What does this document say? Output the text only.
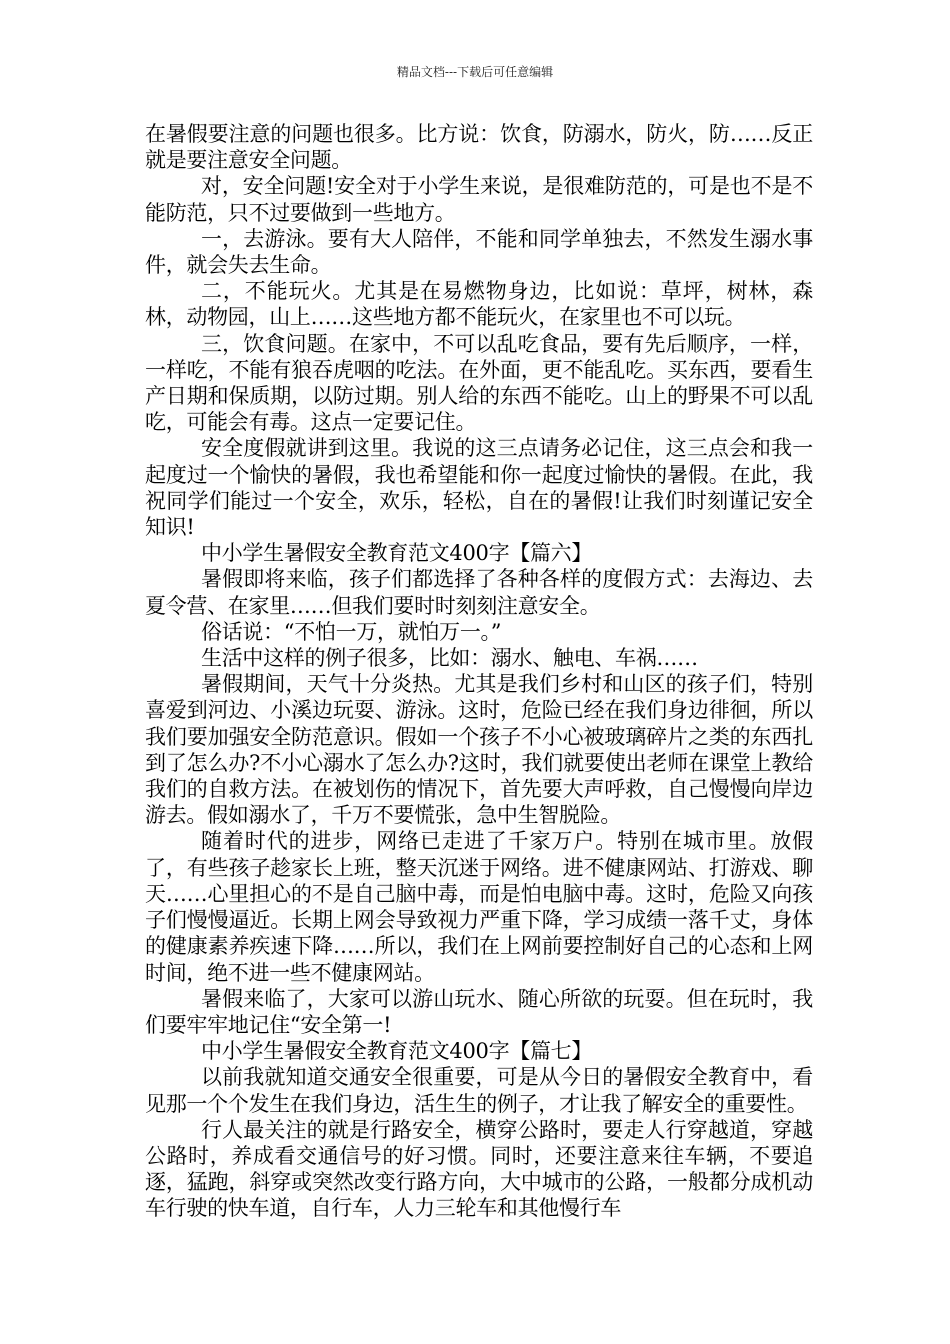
精品文档---下载后可任意编辑

在暑假要注意的问题也很多。比方说：饮食，防溺水，防火，防……反正就是要注意安全问题。

对，安全问题!安全对于小学生来说，是很难防范的，可是也不是不能防范，只不过要做到一些地方。

一，去游泳。要有大人陪伴，不能和同学单独去，不然发生溺水事件，就会失去生命。

二，不能玩火。尤其是在易燃物身边，比如说：草坪，树林，森林，动物园，山上……这些地方都不能玩火，在家里也不可以玩。

三，饮食问题。在家中，不可以乱吃食品，要有先后顺序，一样，一样吃，不能有狼吞虎咽的吃法。在外面，更不能乱吃。买东西，要看生产日期和保质期，以防过期。别人给的东西不能吃。山上的野果不可以乱吃，可能会有毒。这点一定要记住。

安全度假就讲到这里。我说的这三点请务必记住，这三点会和我一起度过一个愉快的暑假，我也希望能和你一起度过愉快的暑假。在此，我祝同学们能过一个安全，欢乐，轻松，自在的暑假!让我们时刻谨记安全知识!

中小学生暑假安全教育范文400字【篇六】

暑假即将来临，孩子们都选择了各种各样的度假方式：去海边、去夏令营、在家里……但我们要时时刻刻注意安全。

俗话说：“不怕一万，就怕万一。”

生活中这样的例子很多，比如：溺水、触电、车祸……

暑假期间，天气十分炎热。尤其是我们乡村和山区的孩子们，特别喜爱到河边、小溪边玩耍、游泳。这时，危险已经在我们身边徘徊，所以我们要加强安全防范意识。假如一个孩子不小心被玻璃碎片之类的东西扎到了怎么办?不小心溺水了怎么办?这时，我们就要使出老师在课堂上教给我们的自救方法。在被划伤的情况下，首先要大声呼救，自己慢慢向岸边游去。假如溺水了，千万不要慌张，急中生智脱险。

随着时代的进步，网络已走进了千家万户。特别在城市里。放假了，有些孩子趁家长上班，整天沉迷于网络。进不健康网站、打游戏、聊天……心里担心的不是自己脑中毒，而是怕电脑中毒。这时，危险又向孩子们慢慢逼近。长期上网会导致视力严重下降，学习成绩一落千丈，身体的健康素养疾速下降……所以，我们在上网前要控制好自己的心态和上网时间，绝不进一些不健康网站。

暑假来临了，大家可以游山玩水、随心所欲的玩耍。但在玩时，我们要牢牢地记住“安全第一!

中小学生暑假安全教育范文400字【篇七】

以前我就知道交通安全很重要，可是从今日的暑假安全教育中，看见那一个个发生在我们身边，活生生的例子，才让我了解安全的重要性。

行人最关注的就是行路安全，横穿公路时，要走人行穿越道，穿越公路时，养成看交通信号的好习惯。同时，还要注意来往车辆，不要追逐，猛跑，斜穿或突然改变行路方向，大中城市的公路，一般都分成机动车行驶的快车道，自行车，人力三轮车和其他慢行车
